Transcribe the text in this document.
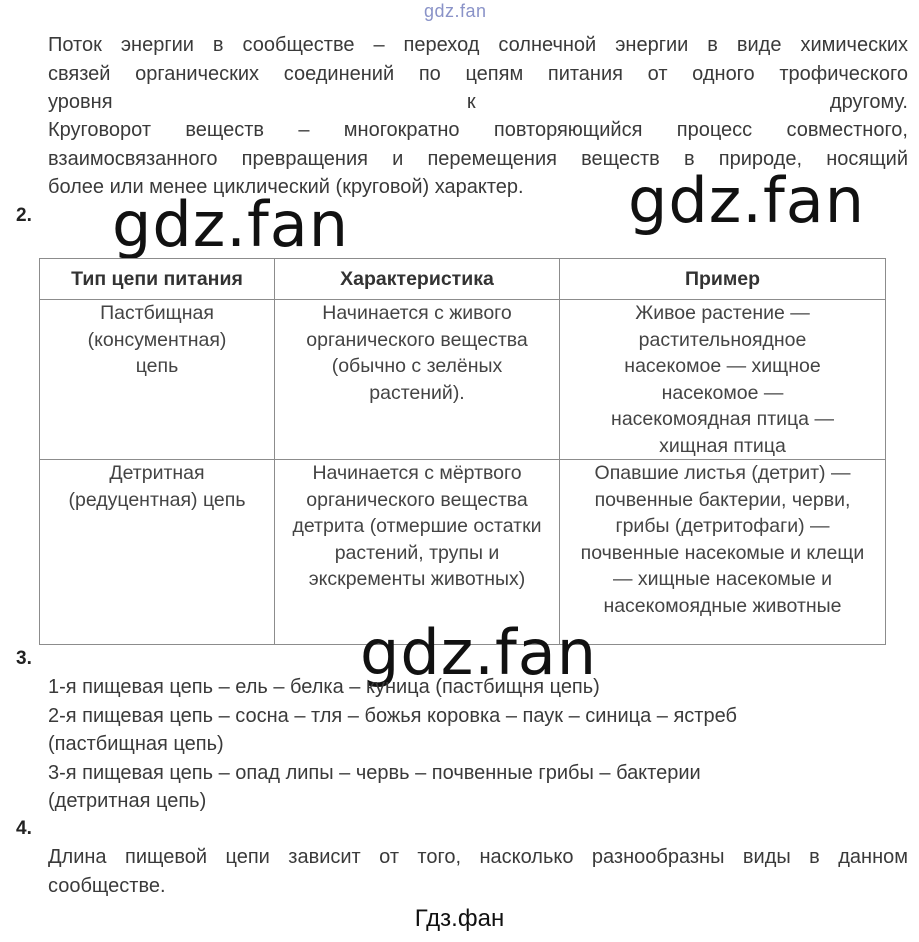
gdz.fan
Поток энергии в сообществе – переход солнечной энергии в виде химических
связей органических соединений по цепям питания от одного трофического
уровня	к	другому.
Круговорот веществ – многократно повторяющийся процесс совместного,
взаимосвязанного превращения и перемещения веществ в природе, носящий
более или менее циклический (круговой) характер.
2. gdz.fan	gdz.fan
Тип цепи питания	Характеристика	Пример

Пастбищная (консументная) цепь	Начинается с живого органического вещества (обычно с зелёных растений).	Живое растение — растительноядное насекомое — хищное насекомое — насекомоядная птица — хищная птица

Детритная (редуцентная) цепь	Начинается с мёртвого органического вещества детрита (отмершие остатки растений, трупы и экскременты животных)	Опавшие листья (детрит) — почвенные бактерии, черви, грибы (детритофаги) — почвенные насекомые и клещи — хищные насекомые и насекомоядные животные
gdz.fan
3.
1-я пищевая цепь – ель – белка – куница (пастбищня цепь)
2-я пищевая цепь – сосна – тля – божья коровка – паук – синица – ястреб
(пастбищная цепь)
3-я пищевая цепь – опад липы – червь – почвенные грибы – бактерии
(детритная цепь)
4.
Длина пищевой цепи зависит от того, насколько разнообразны виды в данном
сообществе.
Гдз.фан
